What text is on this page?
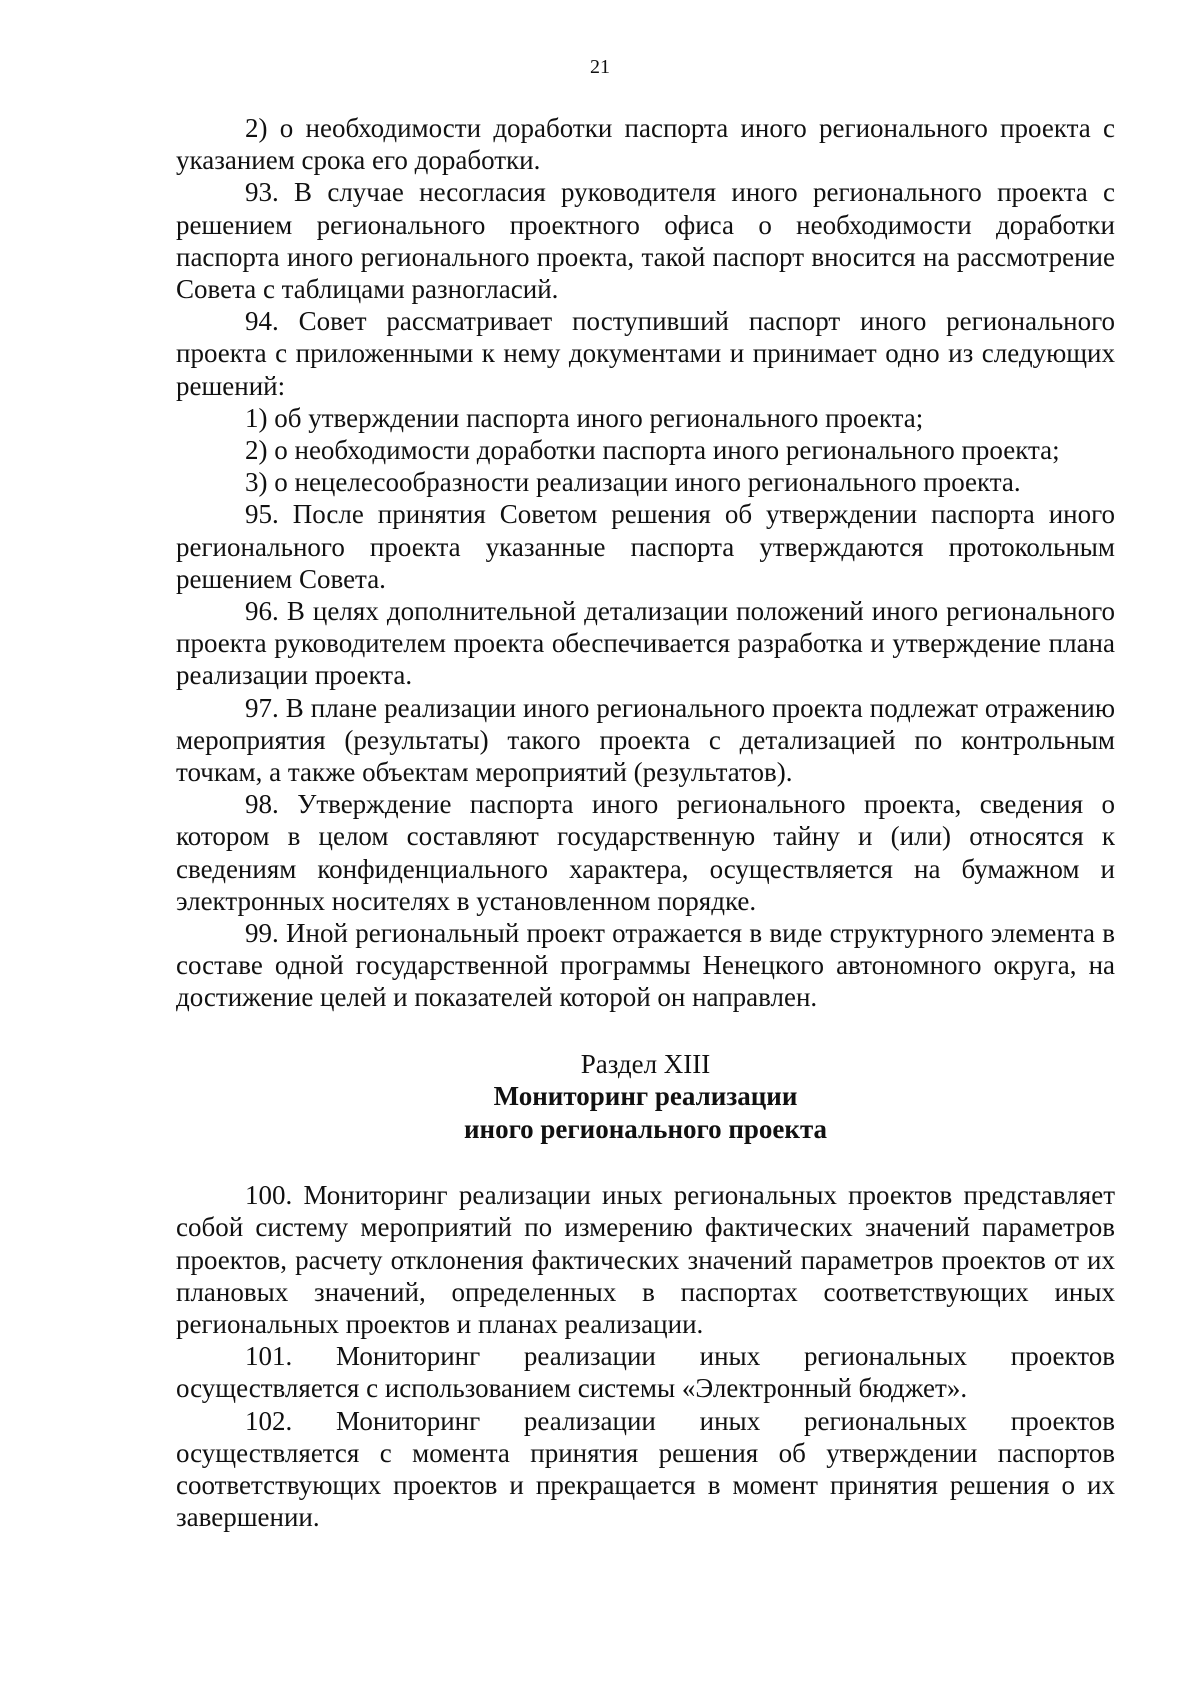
21

2) о необходимости доработки паспорта иного регионального проекта с указанием срока его доработки.

93. В случае несогласия руководителя иного регионального проекта с решением регионального проектного офиса о необходимости доработки паспорта иного регионального проекта, такой паспорт вносится на рассмотрение Совета с таблицами разногласий.

94. Совет рассматривает поступивший паспорт иного регионального проекта с приложенными к нему документами и принимает одно из следующих решений:

1) об утверждении паспорта иного регионального проекта;

2) о необходимости доработки паспорта иного регионального проекта;

3) о нецелесообразности реализации иного регионального проекта.

95. После принятия Советом решения об утверждении паспорта иного регионального проекта указанные паспорта утверждаются протокольным решением Совета.

96. В целях дополнительной детализации положений иного регионального проекта руководителем проекта обеспечивается разработка и утверждение плана реализации проекта.

97. В плане реализации иного регионального проекта подлежат отражению мероприятия (результаты) такого проекта с детализацией по контрольным точкам, а также объектам мероприятий (результатов).

98. Утверждение паспорта иного регионального проекта, сведения о котором в целом составляют государственную тайну и (или) относятся к сведениям конфиденциального характера, осуществляется на бумажном и электронных носителях в установленном порядке.

99. Иной региональный проект отражается в виде структурного элемента в составе одной государственной программы Ненецкого автономного округа, на достижение целей и показателей которой он направлен.

Раздел XIII
Мониторинг реализации
иного регионального проекта

100. Мониторинг реализации иных региональных проектов представляет собой систему мероприятий по измерению фактических значений параметров проектов, расчету отклонения фактических значений параметров проектов от их плановых значений, определенных в паспортах соответствующих иных региональных проектов и планах реализации.

101. Мониторинг реализации иных региональных проектов осуществляется с использованием системы «Электронный бюджет».

102. Мониторинг реализации иных региональных проектов осуществляется с момента принятия решения об утверждении паспортов соответствующих проектов и прекращается в момент принятия решения о их завершении.
